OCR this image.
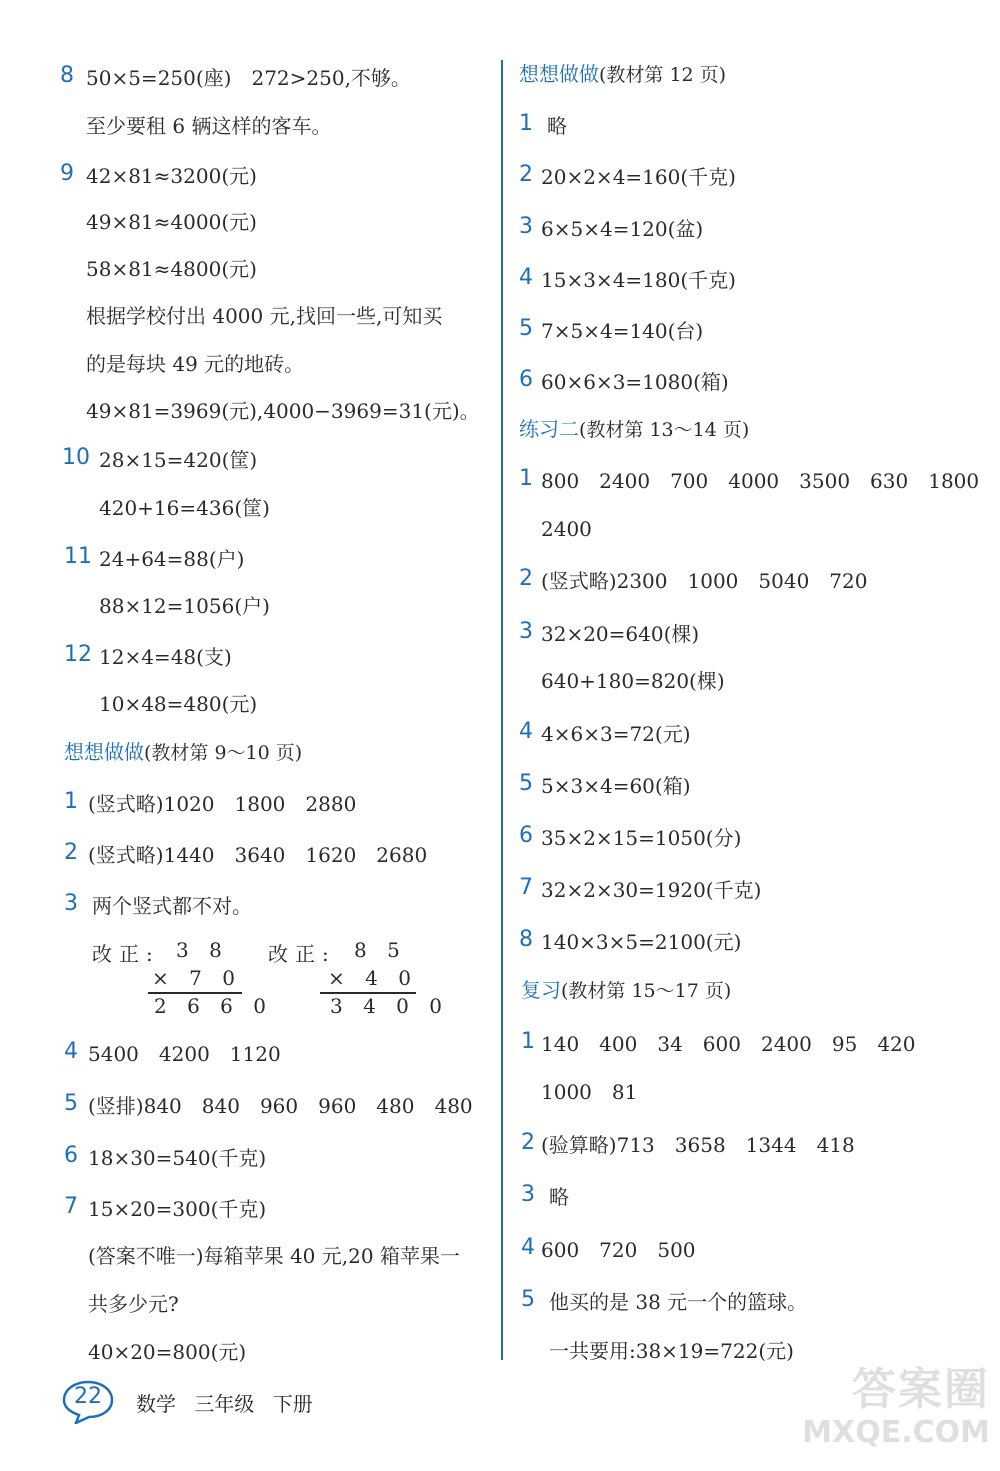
8 50×5=250(座)　272>250,不够。
至少要租 6 辆这样的客车。
9 42×81≈3200(元)
49×81≈4000(元)
58×81≈4800(元)
根据学校付出 4000 元,找回一些,可知买
的是每块 49 元的地砖。
49×81=3969(元),4000−3969=31(元)。
10 28×15=420(筐)
420+16=436(筐)
11 24+64=88(户)
88×12=1056(户)
12 12×4=48(支)
10×48=480(元)
想想做做(教材第 9～10 页)
1 (竖式略)1020　1800　2880
2 (竖式略)1440　3640　1620　2680
3 两个竖式都不对。
改正: 3 8
× 7 0
2 6 6 0
改正: 8 5
× 4 0
3 4 0 0
4 5400　4200　1120
5 (竖排)840　840　960　960　480　480
6 18×30=540(千克)
7 15×20=300(千克)
(答案不唯一)每箱苹果 40 元,20 箱苹果一
共多少元?
40×20=800(元)
想想做做(教材第 12 页)
1 略
2 20×2×4=160(千克)
3 6×5×4=120(盆)
4 15×3×4=180(千克)
5 7×5×4=140(台)
6 60×6×3=1080(箱)
练习二(教材第 13～14 页)
1 800　2400　700　4000　3500　630　1800
2400
2 (竖式略)2300　1000　5040　720
3 32×20=640(棵)
640+180=820(棵)
4 4×6×3=72(元)
5 5×3×4=60(箱)
6 35×2×15=1050(分)
7 32×2×30=1920(千克)
8 140×3×5=2100(元)
复习(教材第 15～17 页)
1 140　400　34　600　2400　95　420
1000　81
2 (验算略)713　3658　1344　418
3 略
4 600　720　500
5 他买的是 38 元一个的篮球。
一共要用:38×19=722(元)
22	数学 三年级 下册	答案圈
MXQE.COM
